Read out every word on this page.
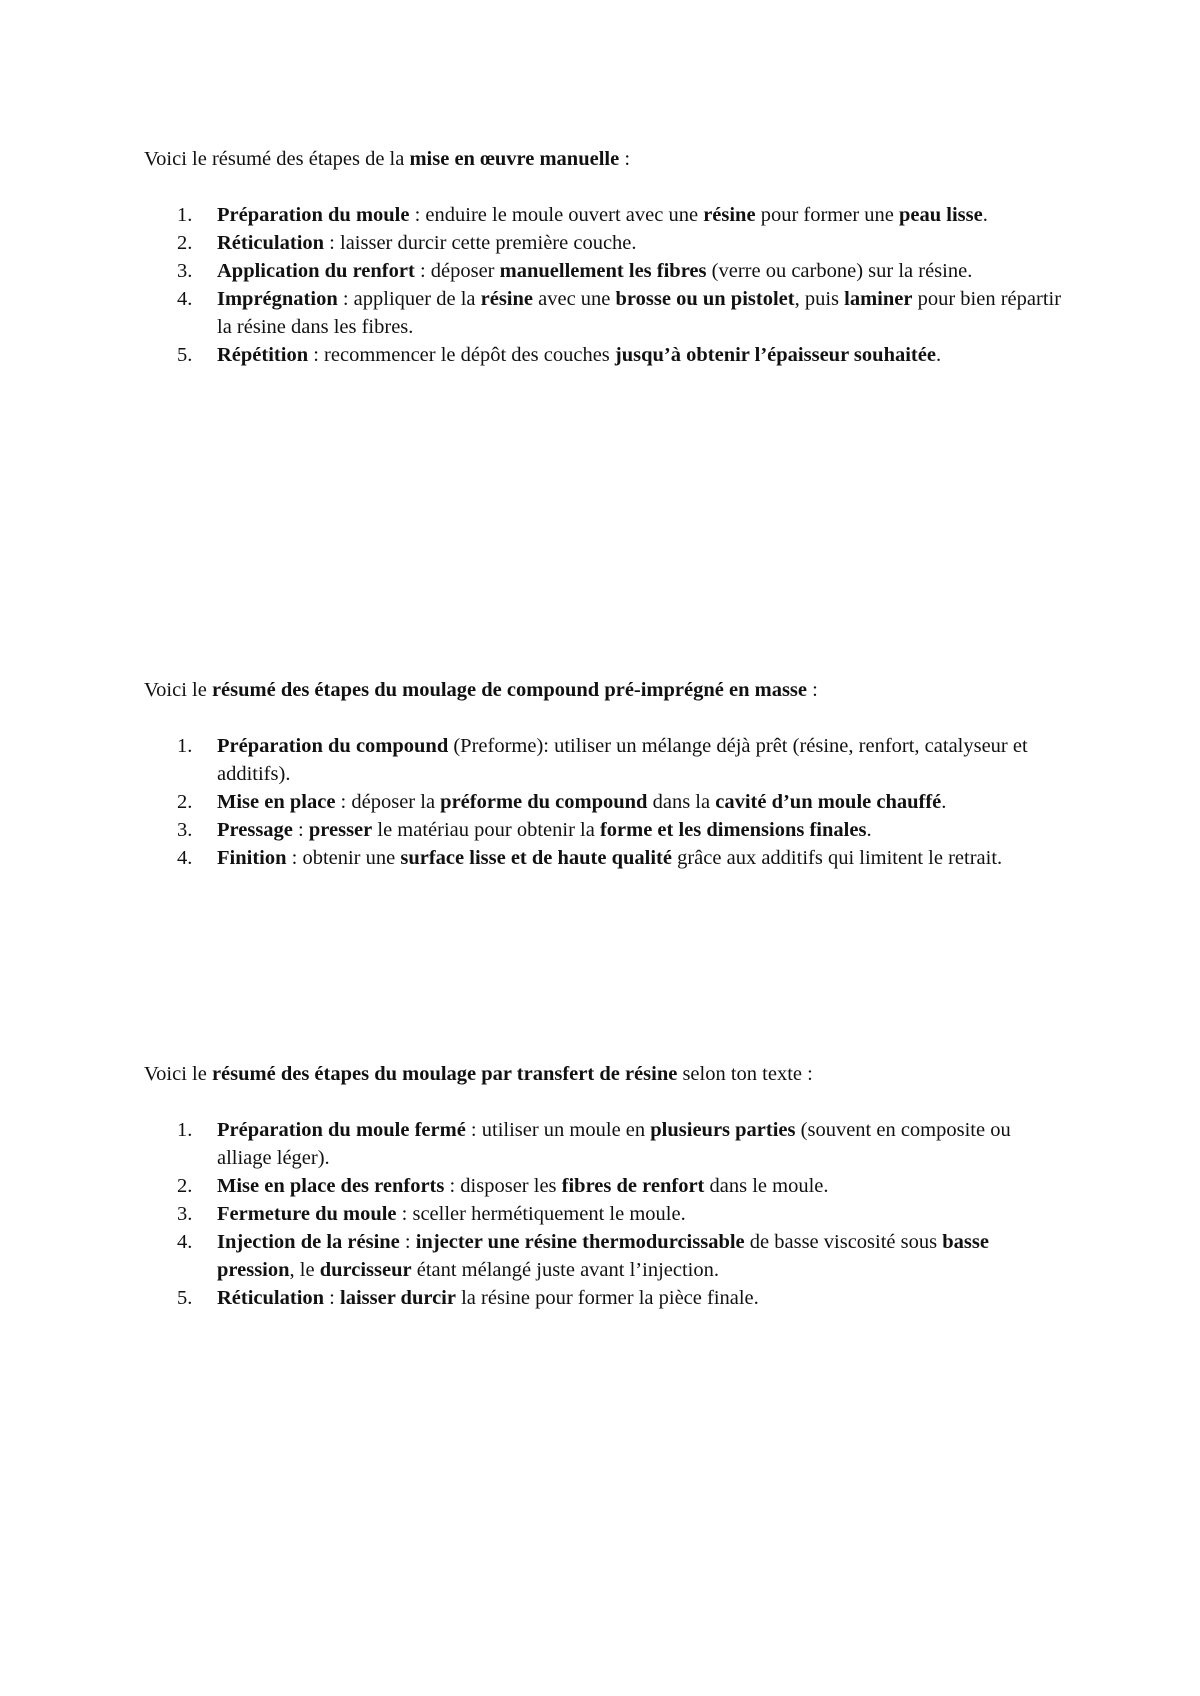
Voici le résumé des étapes de la mise en œuvre manuelle :

1. Préparation du moule : enduire le moule ouvert avec une résine pour former une peau lisse.
2. Réticulation : laisser durcir cette première couche.
3. Application du renfort : déposer manuellement les fibres (verre ou carbone) sur la résine.
4. Imprégnation : appliquer de la résine avec une brosse ou un pistolet, puis laminer pour bien répartir la résine dans les fibres.
5. Répétition : recommencer le dépôt des couches jusqu’à obtenir l’épaisseur souhaitée.

Voici le résumé des étapes du moulage de compound pré-imprégné en masse :

1. Préparation du compound (Preforme): utiliser un mélange déjà prêt (résine, renfort, catalyseur et additifs).
2. Mise en place : déposer la préforme du compound dans la cavité d’un moule chauffé.
3. Pressage : presser le matériau pour obtenir la forme et les dimensions finales.
4. Finition : obtenir une surface lisse et de haute qualité grâce aux additifs qui limitent le retrait.

Voici le résumé des étapes du moulage par transfert de résine selon ton texte :

1. Préparation du moule fermé : utiliser un moule en plusieurs parties (souvent en composite ou alliage léger).
2. Mise en place des renforts : disposer les fibres de renfort dans le moule.
3. Fermeture du moule : sceller hermétiquement le moule.
4. Injection de la résine : injecter une résine thermodurcissable de basse viscosité sous basse pression, le durcisseur étant mélangé juste avant l’injection.
5. Réticulation : laisser durcir la résine pour former la pièce finale.
